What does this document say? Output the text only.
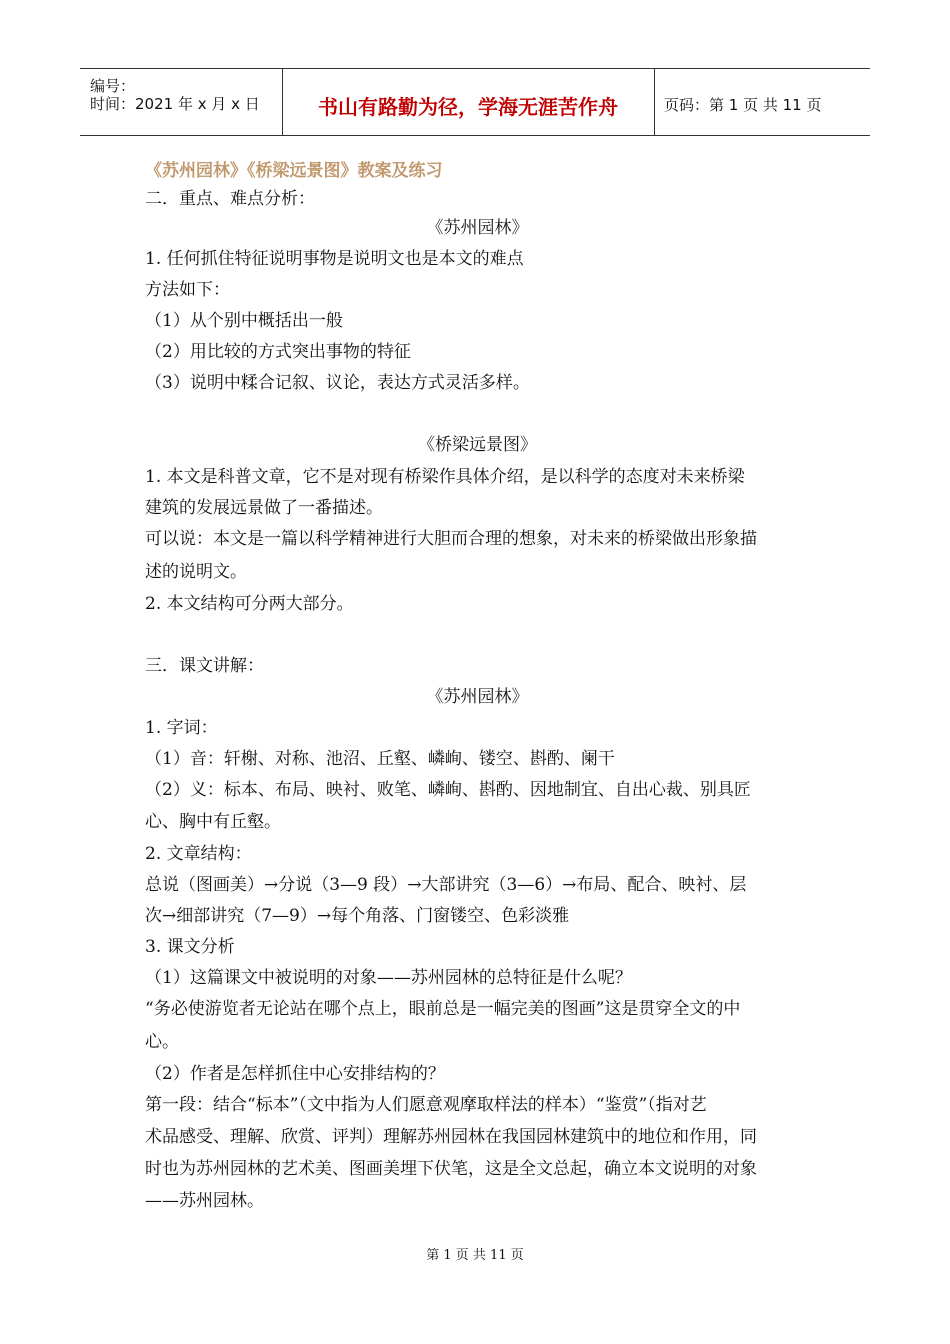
编号：
时间：2021 年 x 月 x 日	书山有路勤为径，学海无涯苦作舟	页码：第 1 页 共 11 页
《苏州园林》《桥梁远景图》教案及练习
二．重点、难点分析：
《苏州园林》
1. 任何抓住特征说明事物是说明文也是本文的难点
方法如下：
（1）从个别中概括出一般
（2）用比较的方式突出事物的特征
（3）说明中糅合记叙、议论，表达方式灵活多样。
《桥梁远景图》
1. 本文是科普文章，它不是对现有桥梁作具体介绍，是以科学的态度对未来桥梁
建筑的发展远景做了一番描述。
可以说：本文是一篇以科学精神进行大胆而合理的想象，对未来的桥梁做出形象描
述的说明文。
2. 本文结构可分两大部分。
三．课文讲解：
《苏州园林》
1. 字词：
（1）音：轩榭、对称、池沼、丘壑、嶙峋、镂空、斟酌、阑干
（2）义：标本、布局、映衬、败笔、嶙峋、斟酌、因地制宜、自出心裁、别具匠
心、胸中有丘壑。
2. 文章结构：
总说（图画美）→分说（3—9 段）→大部讲究（3—6）→布局、配合、映衬、层
次→细部讲究（7—9）→每个角落、门窗镂空、色彩淡雅
3. 课文分析
（1）这篇课文中被说明的对象——苏州园林的总特征是什么呢？
“务必使游览者无论站在哪个点上，眼前总是一幅完美的图画”这是贯穿全文的中
心。
（2）作者是怎样抓住中心安排结构的？
第一段：结合“标本”（文中指为人们愿意观摩取样法的样本）“鉴赏”（指对艺
术品感受、理解、欣赏、评判）理解苏州园林在我国园林建筑中的地位和作用，同
时也为苏州园林的艺术美、图画美埋下伏笔，这是全文总起，确立本文说明的对象
——苏州园林。
第 1 页 共 11 页
